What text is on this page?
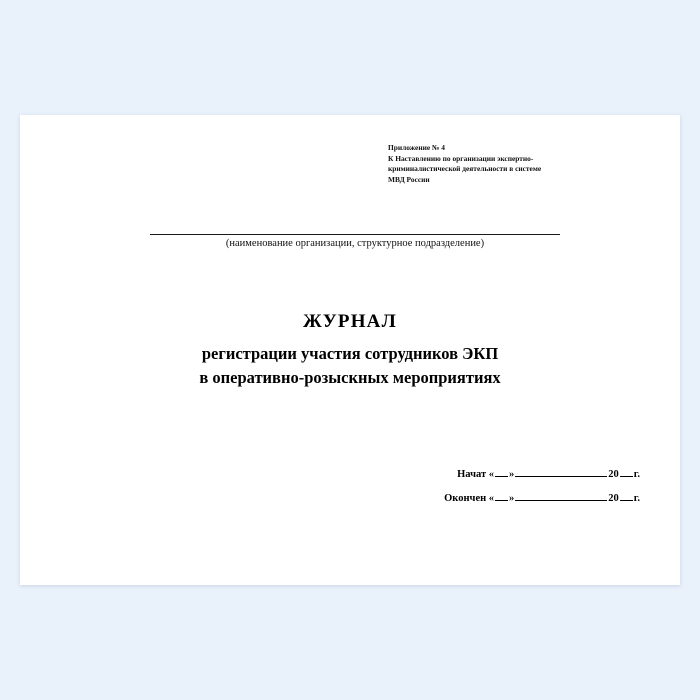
Приложение № 4
К Наставлению по организации экспертно-
криминалистической деятельности в системе
МВД России
(наименование организации, структурное подразделение)
ЖУРНАЛ
регистрации участия сотрудников ЭКП
в оперативно-розыскных мероприятиях
Начат « »	20 г.
Окончен « »	20 г.
